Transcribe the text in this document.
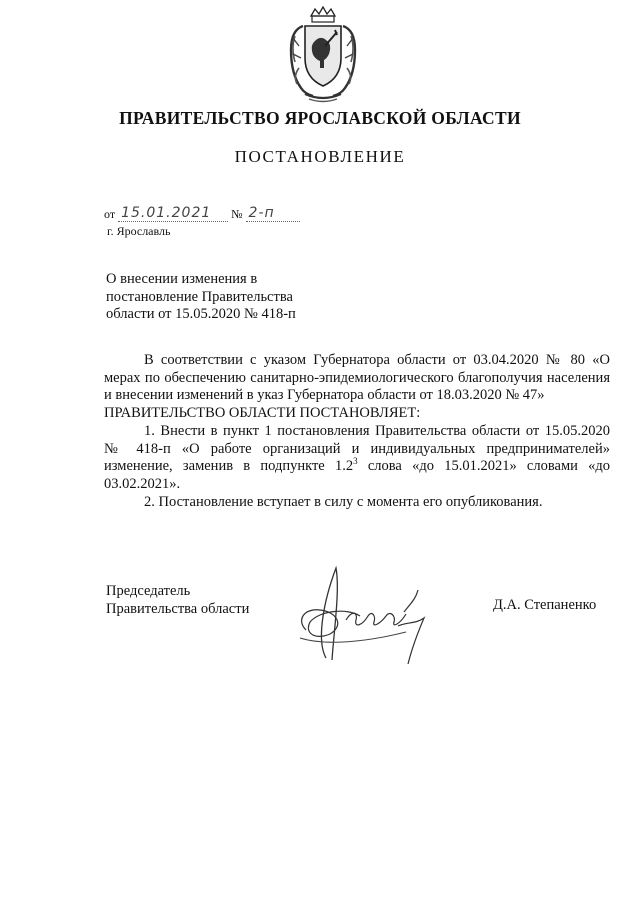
ПРАВИТЕЛЬСТВО ЯРОСЛАВСКОЙ ОБЛАСТИ
ПОСТАНОВЛЕНИЕ
от 15.01.2021 № 2-п
г. Ярославль
О внесении изменения в
постановление Правительства
области от 15.05.2020 № 418-п

В соответствии с указом Губернатора области от 03.04.2020 № 80 «О мерах по обеспечению санитарно-эпидемиологического благополучия населения и внесении изменений в указ Губернатора области от 18.03.2020 № 47»

ПРАВИТЕЛЬСТВО ОБЛАСТИ ПОСТАНОВЛЯЕТ:

1. Внести в пункт 1 постановления Правительства области от 15.05.2020 № 418-п «О работе организаций и индивидуальных предпринимателей» изменение, заменив в подпункте $1.2^3$ слова «до 15.01.2021» словами «до 03.02.2021».

2. Постановление вступает в силу с момента его опубликования.

Председатель
Правительства области	Д.А. Степаненко
